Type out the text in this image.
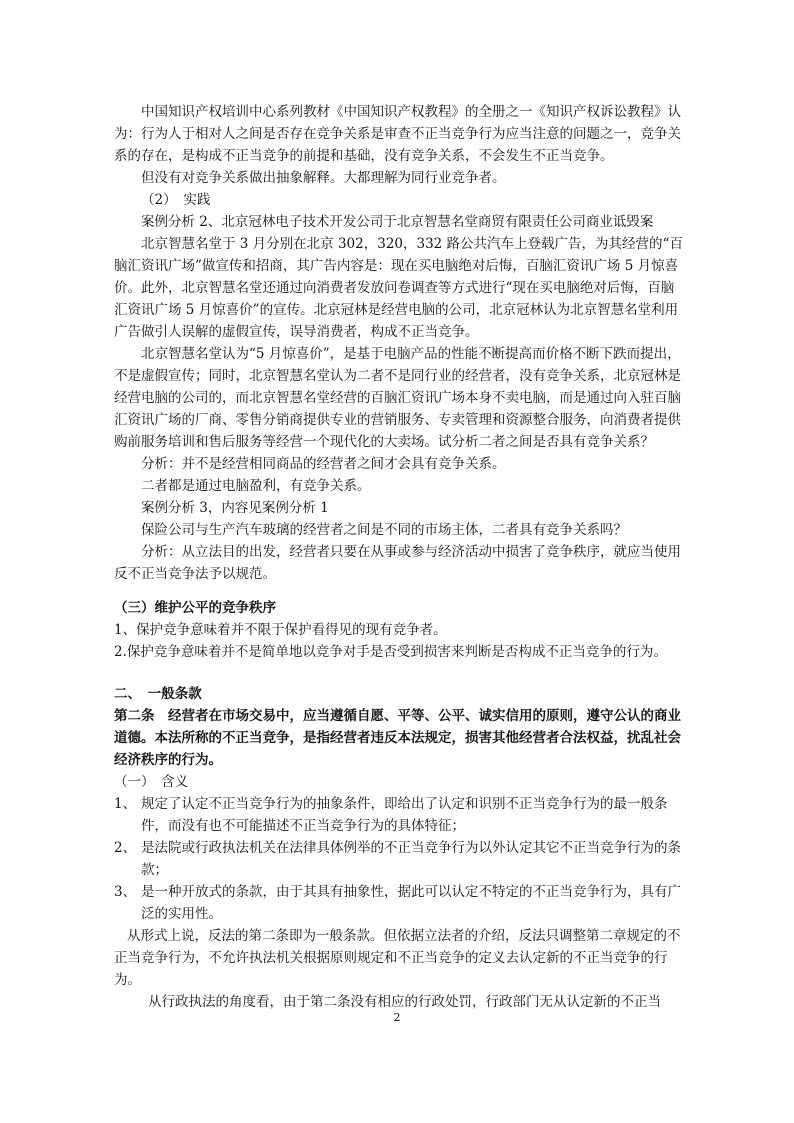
中国知识产权培训中心系列教材《中国知识产权教程》的全册之一《知识产权诉讼教程》认为：行为人于相对人之间是否存在竞争关系是审查不正当竞争行为应当注意的问题之一，竞争关系的存在，是构成不正当竞争的前提和基础，没有竞争关系，不会发生不正当竞争。

但没有对竞争关系做出抽象解释。大都理解为同行业竞争者。

（2）　实践

案例分析 2、北京冠林电子技术开发公司于北京智慧名堂商贸有限责任公司商业诋毁案

北京智慧名堂于 3 月分别在北京 302，320，332 路公共汽车上登载广告，为其经营的“百脑汇资讯广场”做宣传和招商，其广告内容是：现在买电脑绝对后悔，百脑汇资讯广场 5 月惊喜价。此外，北京智慧名堂还通过向消费者发放问卷调查等方式进行“现在买电脑绝对后悔，百脑汇资讯广场 5 月惊喜价”的宣传。北京冠林是经营电脑的公司，北京冠林认为北京智慧名堂利用广告做引人误解的虚假宣传，误导消费者，构成不正当竞争。

北京智慧名堂认为“5 月惊喜价”，是基于电脑产品的性能不断提高而价格不断下跌而提出，不是虚假宣传；同时，北京智慧名堂认为二者不是同行业的经营者，没有竞争关系，北京冠林是经营电脑的公司的，而北京智慧名堂经营的百脑汇资讯广场本身不卖电脑，而是通过向入驻百脑汇资讯广场的厂商、零售分销商提供专业的营销服务、专卖管理和资源整合服务，向消费者提供购前服务培训和售后服务等经营一个现代化的大卖场。试分析二者之间是否具有竞争关系？

分析：并不是经营相同商品的经营者之间才会具有竞争关系。

二者都是通过电脑盈利，有竞争关系。

案例分析 3，内容见案例分析 1

保险公司与生产汽车玻璃的经营者之间是不同的市场主体，二者具有竞争关系吗？

分析：从立法目的出发，经营者只要在从事或参与经济活动中损害了竞争秩序，就应当使用反不正当竞争法予以规范。

（三）维护公平的竞争秩序

1、保护竞争意味着并不限于保护看得见的现有竞争者。

2.保护竞争意味着并不是简单地以竞争对手是否受到损害来判断是否构成不正当竞争的行为。

二、　一般条款

第二条　经营者在市场交易中，应当遵循自愿、平等、公平、诚实信用的原则，遵守公认的商业道德。本法所称的不正当竞争，是指经营者违反本法规定，损害其他经营者合法权益，扰乱社会经济秩序的行为。

（一）　含义

1、 规定了认定不正当竞争行为的抽象条件，即给出了认定和识别不正当竞争行为的最一般条件，而没有也不可能描述不正当竞争行为的具体特征；
2、 是法院或行政执法机关在法律具体例举的不正当竞争行为以外认定其它不正当竞争行为的条款；
3、 是一种开放式的条款，由于其具有抽象性，据此可以认定不特定的不正当竞争行为，具有广泛的实用性。

从形式上说，反法的第二条即为一般条款。但依据立法者的介绍，反法只调整第二章规定的不正当竞争行为，不允许执法机关根据原则规定和不正当竞争的定义去认定新的不正当竞争的行为。

从行政执法的角度看，由于第二条没有相应的行政处罚，行政部门无从认定新的不正当

2
